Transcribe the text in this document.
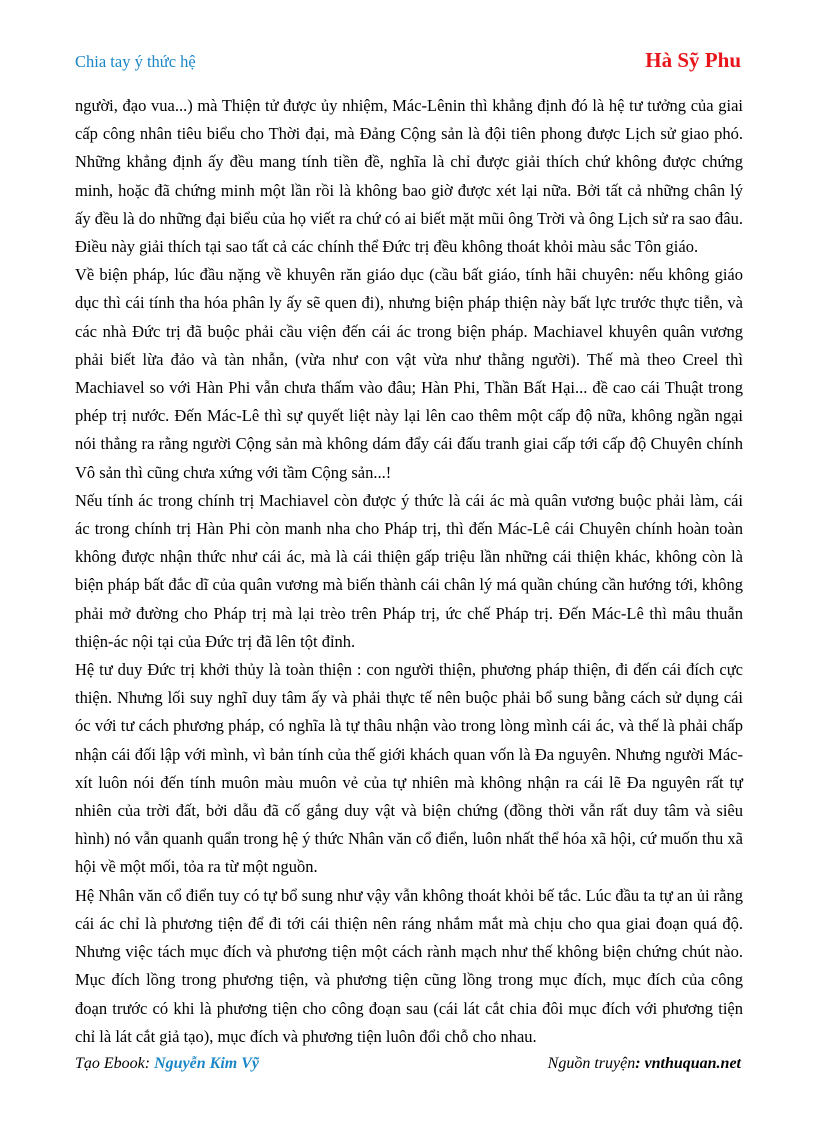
Chia tay ý thức hệ	Hà Sỹ Phu

người, đạo vua...) mà Thiện tử được ủy nhiệm, Mác-Lênin thì khẳng định đó là hệ tư tưởng của giai cấp công nhân tiêu biểu cho Thời đại, mà Đảng Cộng sản là đội tiên phong được Lịch sử giao phó. Những khẳng định ấy đều mang tính tiền đề, nghĩa là chỉ được giải thích chứ không được chứng minh, hoặc đã chứng minh một lần rồi là không bao giờ được xét lại nữa. Bởi tất cả những chân lý ấy đều là do những đại biểu của họ viết ra chứ có ai biết mặt mũi ông Trời và ông Lịch sử ra sao đâu. Điều này giải thích tại sao tất cả các chính thể Đức trị đều không thoát khỏi màu sắc Tôn giáo.

Về biện pháp, lúc đầu nặng về khuyên răn giáo dục (cầu bất giáo, tính hãi chuyên: nếu không giáo dục thì cái tính tha hóa phân ly ấy sẽ quen đi), nhưng biện pháp thiện này bất lực trước thực tiễn, và các nhà Đức trị đã buộc phải cầu viện đến cái ác trong biện pháp. Machiavel khuyên quân vương phải biết lừa đảo và tàn nhẫn, (vừa như con vật vừa như thằng người). Thế mà theo Creel thì Machiavel so với Hàn Phi vẫn chưa thấm vào đâu; Hàn Phi, Thần Bất Hại... đề cao cái Thuật trong phép trị nước. Đến Mác-Lê thì sự quyết liệt này lại lên cao thêm một cấp độ nữa, không ngần ngại nói thẳng ra rằng người Cộng sản mà không dám đẩy cái đấu tranh giai cấp tới cấp độ Chuyên chính Vô sản thì cũng chưa xứng với tầm Cộng sản...!

Nếu tính ác trong chính trị Machiavel còn được ý thức là cái ác mà quân vương buộc phải làm, cái ác trong chính trị Hàn Phi còn manh nha cho Pháp trị, thì đến Mác-Lê cái Chuyên chính hoàn toàn không được nhận thức như cái ác, mà là cái thiện gấp triệu lần những cái thiện khác, không còn là biện pháp bất đắc dĩ của quân vương mà biến thành cái chân lý má quần chúng cần hướng tới, không phải mở đường cho Pháp trị mà lại trèo trên Pháp trị, ức chế Pháp trị. Đến Mác-Lê thì mâu thuẫn thiện-ác nội tại của Đức trị đã lên tột đỉnh.

Hệ tư duy Đức trị khởi thủy là toàn thiện : con người thiện, phương pháp thiện, đi đến cái đích cực thiện. Nhưng lối suy nghĩ duy tâm ấy và phải thực tế nên buộc phải bổ sung bằng cách sử dụng cái óc với tư cách phương pháp, có nghĩa là tự thâu nhận vào trong lòng mình cái ác, và thế là phải chấp nhận cái đối lập với mình, vì bản tính của thế giới khách quan vốn là Đa nguyên. Nhưng người Mác-xít luôn nói đến tính muôn màu muôn vẻ của tự nhiên mà không nhận ra cái lẽ Đa nguyên rất tự nhiên của trời đất, bởi dẫu đã cố gắng duy vật và biện chứng (đồng thời vẫn rất duy tâm và siêu hình) nó vẫn quanh quẩn trong hệ ý thức Nhân văn cổ điển, luôn nhất thể hóa xã hội, cứ muốn thu xã hội về một mối, tỏa ra từ một nguồn.

Hệ Nhân văn cổ điển tuy có tự bổ sung như vậy vẫn không thoát khỏi bế tắc. Lúc đầu ta tự an ủi rằng cái ác chỉ là phương tiện để đi tới cái thiện nên ráng nhắm mắt mà chịu cho qua giai đoạn quá độ. Nhưng việc tách mục đích và phương tiện một cách rành mạch như thế không biện chứng chút nào. Mục đích lồng trong phương tiện, và phương tiện cũng lồng trong mục đích, mục đích của công đoạn trước có khi là phương tiện cho công đoạn sau (cái lát cắt chia đôi mục đích với phương tiện chỉ là lát cắt giả tạo), mục đích và phương tiện luôn đổi chỗ cho nhau.

Tạo Ebook: Nguyễn Kim Vỹ	Nguồn truyện: vnthuquan.net
